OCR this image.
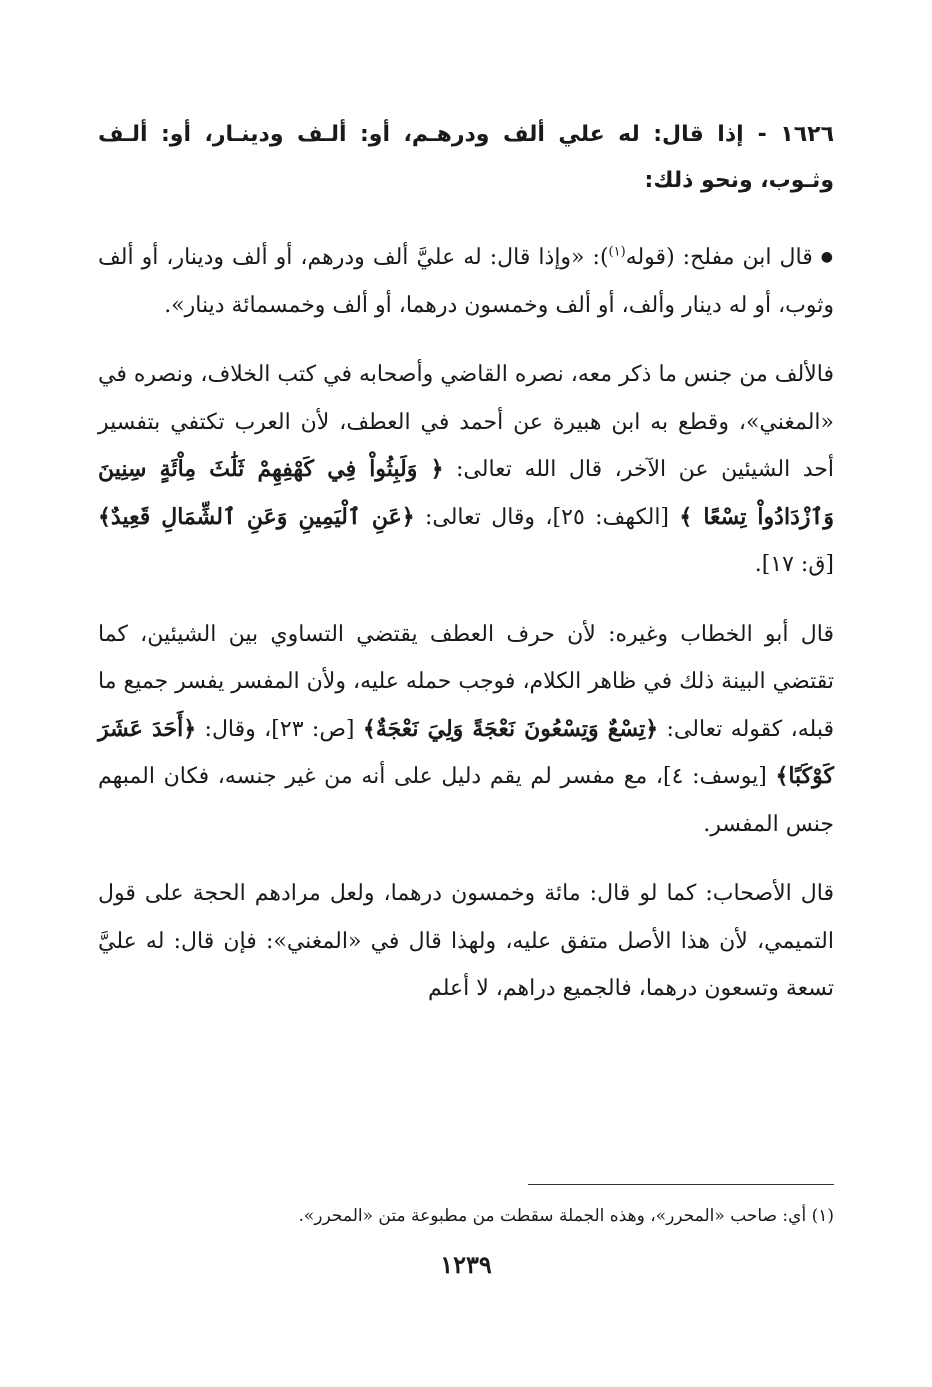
١٦٢٦ -إذا قال: له علي ألف ودرهـم، أو: ألـف ودينـار، أو: ألـف وثـوب، ونحو ذلك:

●قال ابن مفلح: (قوله$^{(١)}$): «وإذا قال: له عليَّ ألف ودرهم، أو ألف ودينار، أو ألف وثوب، أو له دينار وألف، أو ألف وخمسون درهما، أو ألف وخمسمائة دينار».

فالألف من جنس ما ذكر معه، نصره القاضي وأصحابه في كتب الخلاف، ونصره في «المغني»، وقطع به ابن هبيرة عن أحمد في العطف، لأن العرب تكتفي بتفسير أحد الشيئين عن الآخر، قال الله تعالى: ﴿ وَلَبِثُواْ فِي كَهْفِهِمْ ثَلَٰثَ مِاْئَةٍ سِنِينَ وَٱزْدَادُواْ تِسْعًا ﴾ [الكهف: ٢٥]، وقال تعالى: ﴿عَنِ ٱلْيَمِينِ وَعَنِ ٱلشِّمَالِ قَعِيدٌ﴾ [ق: ١٧].

قال أبو الخطاب وغيره: لأن حرف العطف يقتضي التساوي بين الشيئين، كما تقتضي البينة ذلك في ظاهر الكلام، فوجب حمله عليه، ولأن المفسر يفسر جميع ما قبله، كقوله تعالى: ﴿تِسْعٌ وَتِسْعُونَ نَعْجَةً وَلِيَ نَعْجَةٌ﴾ [ص: ٢٣]، وقال: ﴿أَحَدَ عَشَرَ كَوْكَبًا﴾ [يوسف: ٤]، مع مفسر لم يقم دليل على أنه من غير جنسه، فكان المبهم جنس المفسر.

قال الأصحاب: كما لو قال: مائة وخمسون درهما، ولعل مرادهم الحجة على قول التميمي، لأن هذا الأصل متفق عليه، ولهذا قال في «المغني»: فإن قال: له عليَّ تسعة وتسعون درهما، فالجميع دراهم، لا أعلم

(١) أي: صاحب «المحرر»، وهذه الجملة سقطت من مطبوعة متن «المحرر».
١٢٣٩
